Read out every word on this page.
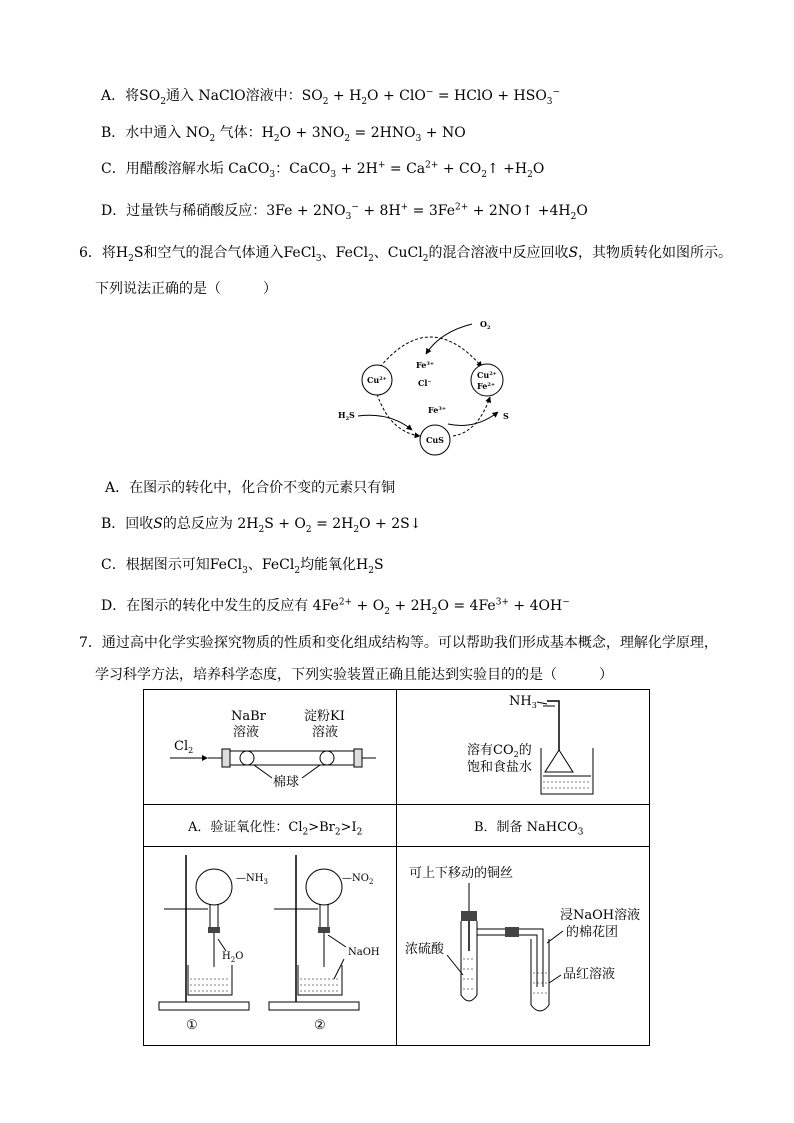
A．将$SO_2$通入 NaClO溶液中：$SO_2 + H_2O + ClO^-$ = HClO + $HSO_3^-$
B．水中通入 $NO_2$ 气体：$H_2O + 3NO_2 = 2HNO_3$ + NO
C．用醋酸溶解水垢 CaCO$_3$：CaCO$_3$ + $2H^+ = Ca^{2+}$ + $CO_2↑ +H_2O$
D．过量铁与稀硝酸反应：$3Fe + 2NO_3^- + 8H^+ = 3Fe^{2+}$ + 2NO↑ $+4H_2O$
6．将$H_2S$和空气的混合气体通入FeCl$_3$、FeCl$_2$、CuCl$_2$的混合溶液中反应回收S，其物质转化如图所示。
下列说法正确的是（　　　）
$O_2$
$Cu^{2+}$
$Fe^{3+}$
Cl−
$Cu^{2+}$
$Fe^{2+}$
$H_2S$	$Fe^{3+}$
S
CuS
A．在图示的转化中，化合价不变的元素只有铜
B．回收S的总反应为 $2H_2S + O_2 = 2H_2O$ + 2S↓
C．根据图示可知FeCl$_3$、FeCl$_2$均能氧化$H_2S$
D．在图示的转化中发生的反应有 $4Fe^{2+} + O_2 + 2H_2O = 4Fe^{3+} + 4OH^-$
7．通过高中化学实验探究物质的性质和变化组成结构等。可以帮助我们形成基本概念，理解化学原理，
学习科学方法，培养科学态度，下列实验装置正确且能达到实验目的的是（　　　）
$Cl_2$
NaBr
溶液
淀粉KI
溶液
棉球
$NH_3$
溶有$CO_2$的
饱和食盐水
A．验证氧化性：$Cl_2>Br_2>I_2$	B．制备 NaHCO$_3$
$—NH_3$
$H_2O$
①
$—NO_2$
NaOH
②
可上下移动的铜丝
浓硫酸
浸NaOH溶液
的棉花团
品红溶液
